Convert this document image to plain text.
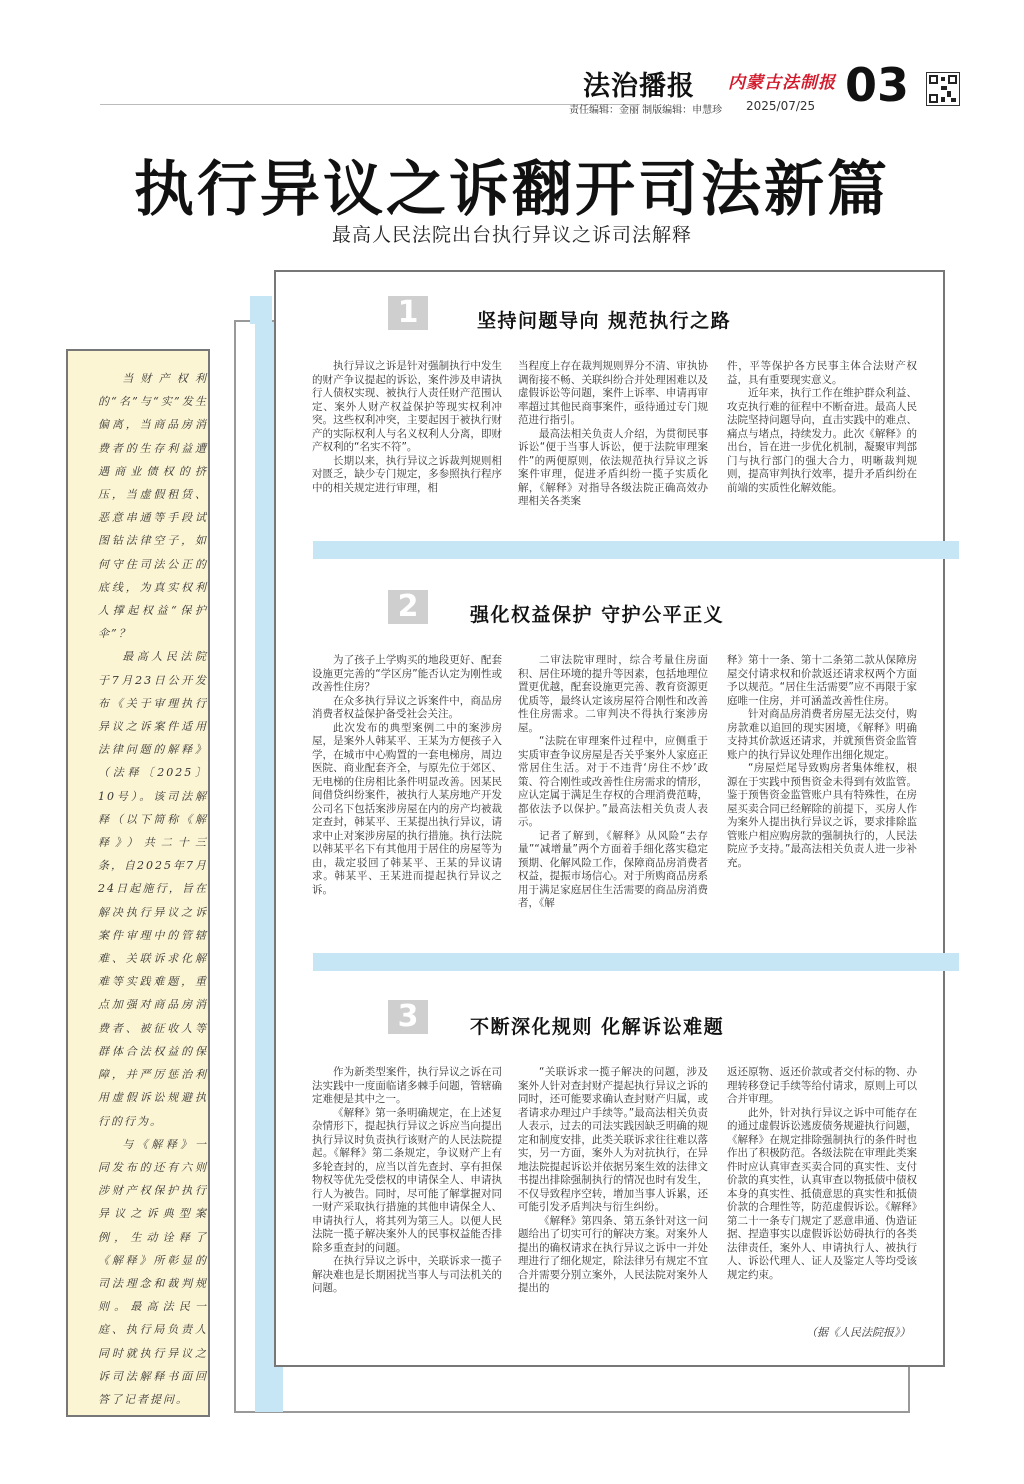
法治播报 内蒙古法制报
责任编辑：金丽 制版编辑：申慧珍 2025/07/25 03
执行异议之诉翻开司法新篇
最高人民法院出台执行异议之诉司法解释

当财产权利的“名”与“实”发生偏离，当商品房消费者的生存利益遭遇商业债权的挤压，当虚假租赁、恶意串通等手段试图钻法律空子，如何守住司法公正的底线，为真实权利人撑起权益“保护伞”？

最高人民法院于7月23日公开发布《关于审理执行异议之诉案件适用法律问题的解释》（法释〔2025〕10号）。该司法解释（以下简称《解释》）共二十三条，自2025年7月24日起施行，旨在解决执行异议之诉案件审理中的管辖难、关联诉求化解难等实践难题，重点加强对商品房消费者、被征收人等群体合法权益的保障，并严厉惩治利用虚假诉讼规避执行的行为。

与《解释》一同发布的还有六则涉财产权保护执行异议之诉典型案例，生动诠释了《解释》所彰显的司法理念和裁判规则。最高法民一庭、执行局负责人同时就执行异议之诉司法解释书面回答了记者提问。

1	坚持问题导向 规范执行之路

执行异议之诉是针对强制执行中发生的财产争议提起的诉讼，案件涉及申请执行人债权实现、被执行人责任财产范围认定、案外人财产权益保护等现实权利冲突。这些权利冲突，主要起因于被执行财产的实际权利人与名义权利人分离，即财产权利的“名实不符”。

长期以来，执行异议之诉裁判规则相对匮乏，缺少专门规定，多参照执行程序中的相关规定进行审理，相

当程度上存在裁判规则界分不清、审执协调衔接不畅、关联纠纷合并处理困难以及虚假诉讼等问题，案件上诉率、申请再审率超过其他民商事案件，亟待通过专门规范进行指引。

最高法相关负责人介绍，为贯彻民事诉讼“便于当事人诉讼，便于法院审理案件”的两便原则，依法规范执行异议之诉案件审理，促进矛盾纠纷一揽子实质化解，《解释》对指导各级法院正确高效办理相关各类案

件，平等保护各方民事主体合法财产权益，具有重要现实意义。

近年来，执行工作在维护群众利益、攻克执行难的征程中不断奋进。最高人民法院坚持问题导向，直击实践中的难点、痛点与堵点，持续发力。此次《解释》的出台，旨在进一步优化机制，凝聚审判部门与执行部门的强大合力，明晰裁判规则，提高审判执行效率，提升矛盾纠纷在前端的实质性化解效能。

2	强化权益保护 守护公平正义

为了孩子上学购买的地段更好、配套设施更完善的“学区房”能否认定为刚性或改善性住房？

在众多执行异议之诉案件中，商品房消费者权益保护备受社会关注。

此次发布的典型案例二中的案涉房屋，是案外人韩某平、王某为方便孩子入学，在城市中心购置的一套电梯房，周边医院、商业配套齐全，与原先位于郊区、无电梯的住房相比条件明显改善。因某民间借贷纠纷案件，被执行人某房地产开发公司名下包括案涉房屋在内的房产均被裁定查封，韩某平、王某提出执行异议，请求中止对案涉房屋的执行措施。执行法院以韩某平名下有其他用于居住的房屋等为由，裁定驳回了韩某平、王某的异议请求。韩某平、王某进而提起执行异议之诉。

二审法院审理时，综合考量住房面积、居住环境的提升等因素，包括地理位置更优越，配套设施更完善、教育资源更优质等，最终认定该房屋符合刚性和改善性住房需求。二审判决不得执行案涉房屋。

“法院在审理案件过程中，应侧重于实质审查争议房屋是否关乎案外人家庭正常居住生活。对于不违背‘房住不炒’政策、符合刚性或改善性住房需求的情形，应认定属于满足生存权的合理消费范畴，都依法予以保护。”最高法相关负责人表示。

记者了解到，《解释》从风险“去存量”“减增量”两个方面着手细化落实稳定预期、化解风险工作，保障商品房消费者权益，提振市场信心。对于所购商品房系用于满足家庭居住生活需要的商品房消费者，《解

释》第十一条、第十二条第二款从保障房屋交付请求权和价款返还请求权两个方面予以规范。“居住生活需要”应不再限于家庭唯一住房，并可涵盖改善性住房。

针对商品房消费者房屋无法交付，购房款难以追回的现实困境，《解释》明确支持其价款返还请求，并就预售资金监管账户的执行异议处理作出细化规定。

“房屋烂尾导致购房者集体维权，根源在于实践中预售资金未得到有效监管。鉴于预售资金监管账户具有特殊性，在房屋买卖合同已经解除的前提下，买房人作为案外人提出执行异议之诉，要求排除监管账户相应购房款的强制执行的，人民法院应予支持。”最高法相关负责人进一步补充。

3	不断深化规则 化解诉讼难题

作为新类型案件，执行异议之诉在司法实践中一度面临诸多棘手问题，管辖确定难便是其中之一。

《解释》第一条明确规定，在上述复杂情形下，提起执行异议之诉应当向提出执行异议时负责执行该财产的人民法院提起。《解释》第二条规定，争议财产上有多轮查封的，应当以首先查封、享有担保物权等优先受偿权的申请保全人、申请执行人为被告。同时，尽可能了解掌握对同一财产采取执行措施的其他申请保全人、申请执行人，将其列为第三人。以便人民法院一揽子解决案外人的民事权益能否排除多重查封的问题。

在执行异议之诉中，关联诉求一揽子解决难也是长期困扰当事人与司法机关的问题。

“关联诉求一揽子解决的问题，涉及案外人针对查封财产提起执行异议之诉的同时，还可能要求确认查封财产归属，或者请求办理过户手续等。”最高法相关负责人表示，过去的司法实践因缺乏明确的规定和制度安排，此类关联诉求往往难以落实，另一方面，案外人为对抗执行，在异地法院提起诉讼并依据另案生效的法律文书提出排除强制执行的情况也时有发生，不仅导致程序空转，增加当事人诉累，还可能引发矛盾判决与衍生纠纷。

《解释》第四条、第五条针对这一问题给出了切实可行的解决方案。对案外人提出的确权请求在执行异议之诉中一并处理进行了细化规定，除法律另有规定不宜合并需要分别立案外，人民法院对案外人提出的

返还原物、返还价款或者交付标的物、办理转移登记手续等给付请求，原则上可以合并审理。

此外，针对执行异议之诉中可能存在的通过虚假诉讼逃废债务规避执行问题，《解释》在规定排除强制执行的条件时也作出了积极防范。各级法院在审理此类案件时应认真审查买卖合同的真实性、支付价款的真实性，认真审查以物抵债中债权本身的真实性、抵债意思的真实性和抵债价款的合理性等，防范虚假诉讼。《解释》第二十一条专门规定了恶意串通、伪造证据、捏造事实以虚假诉讼妨碍执行的各类法律责任，案外人、申请执行人、被执行人、诉讼代理人、证人及鉴定人等均受该规定约束。

（据《人民法院报》）
